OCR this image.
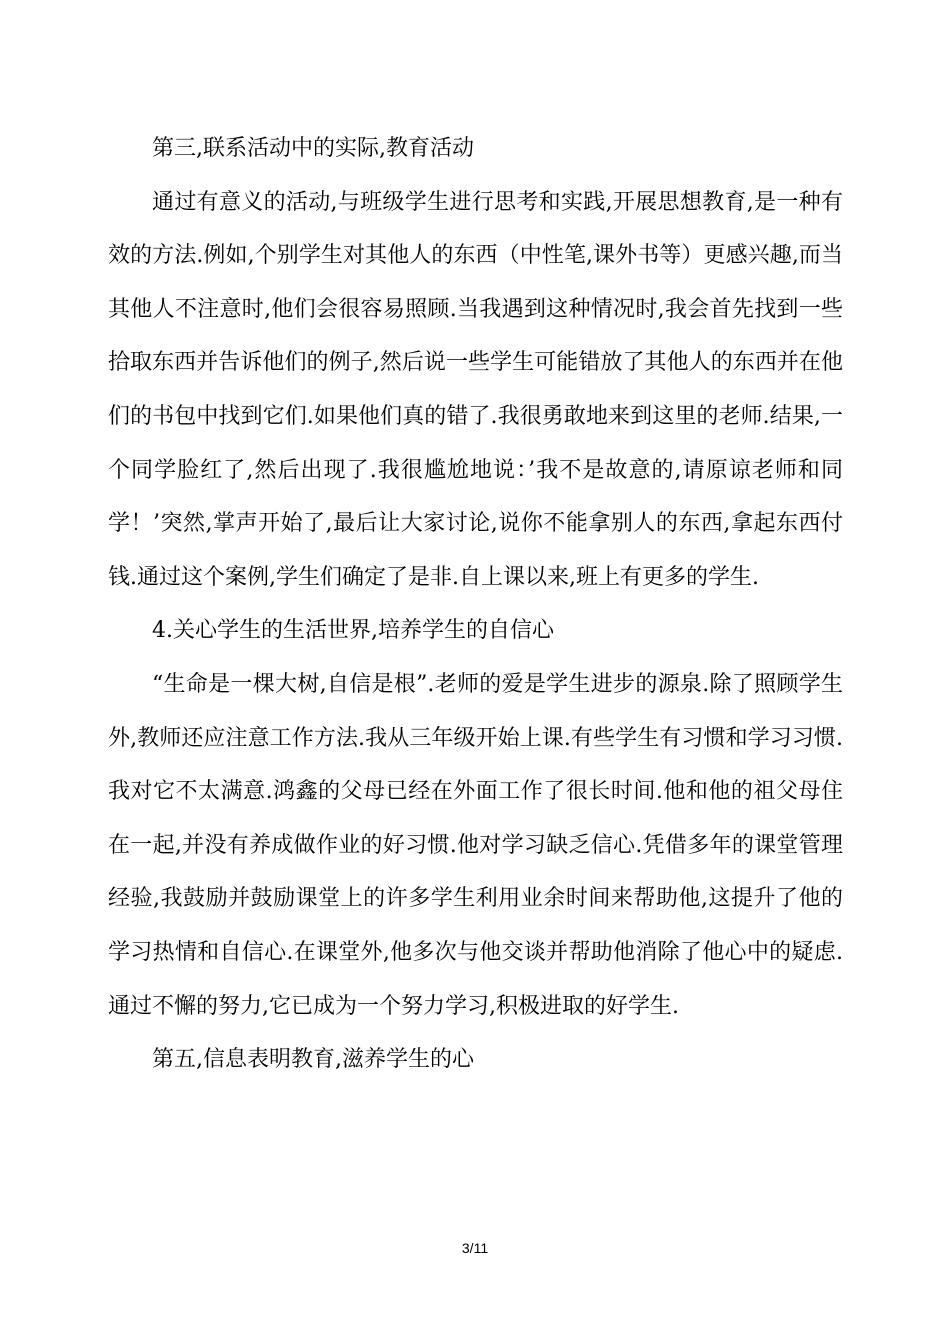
第三,联系活动中的实际,教育活动

通过有意义的活动,与班级学生进行思考和实践,开展思想教育,是一种有效的方法.例如,个别学生对其他人的东西（中性笔,课外书等）更感兴趣,而当其他人不注意时,他们会很容易照顾.当我遇到这种情况时,我会首先找到一些拾取东西并告诉他们的例子,然后说一些学生可能错放了其他人的东西并在他们的书包中找到它们.如果他们真的错了.我很勇敢地来到这里的老师.结果,一个同学脸红了,然后出现了.我很尴尬地说：’我不是故意的,请原谅老师和同学！’突然,掌声开始了,最后让大家讨论,说你不能拿别人的东西,拿起东西付钱.通过这个案例,学生们确定了是非.自上课以来,班上有更多的学生.

4.关心学生的生活世界,培养学生的自信心

“生命是一棵大树,自信是根”.老师的爱是学生进步的源泉.除了照顾学生外,教师还应注意工作方法.我从三年级开始上课.有些学生有习惯和学习习惯.我对它不太满意.鸿鑫的父母已经在外面工作了很长时间.他和他的祖父母住在一起,并没有养成做作业的好习惯.他对学习缺乏信心.凭借多年的课堂管理经验,我鼓励并鼓励课堂上的许多学生利用业余时间来帮助他,这提升了他的学习热情和自信心.在课堂外,他多次与他交谈并帮助他消除了他心中的疑虑.通过不懈的努力,它已成为一个努力学习,积极进取的好学生.

第五,信息表明教育,滋养学生的心

3/11
